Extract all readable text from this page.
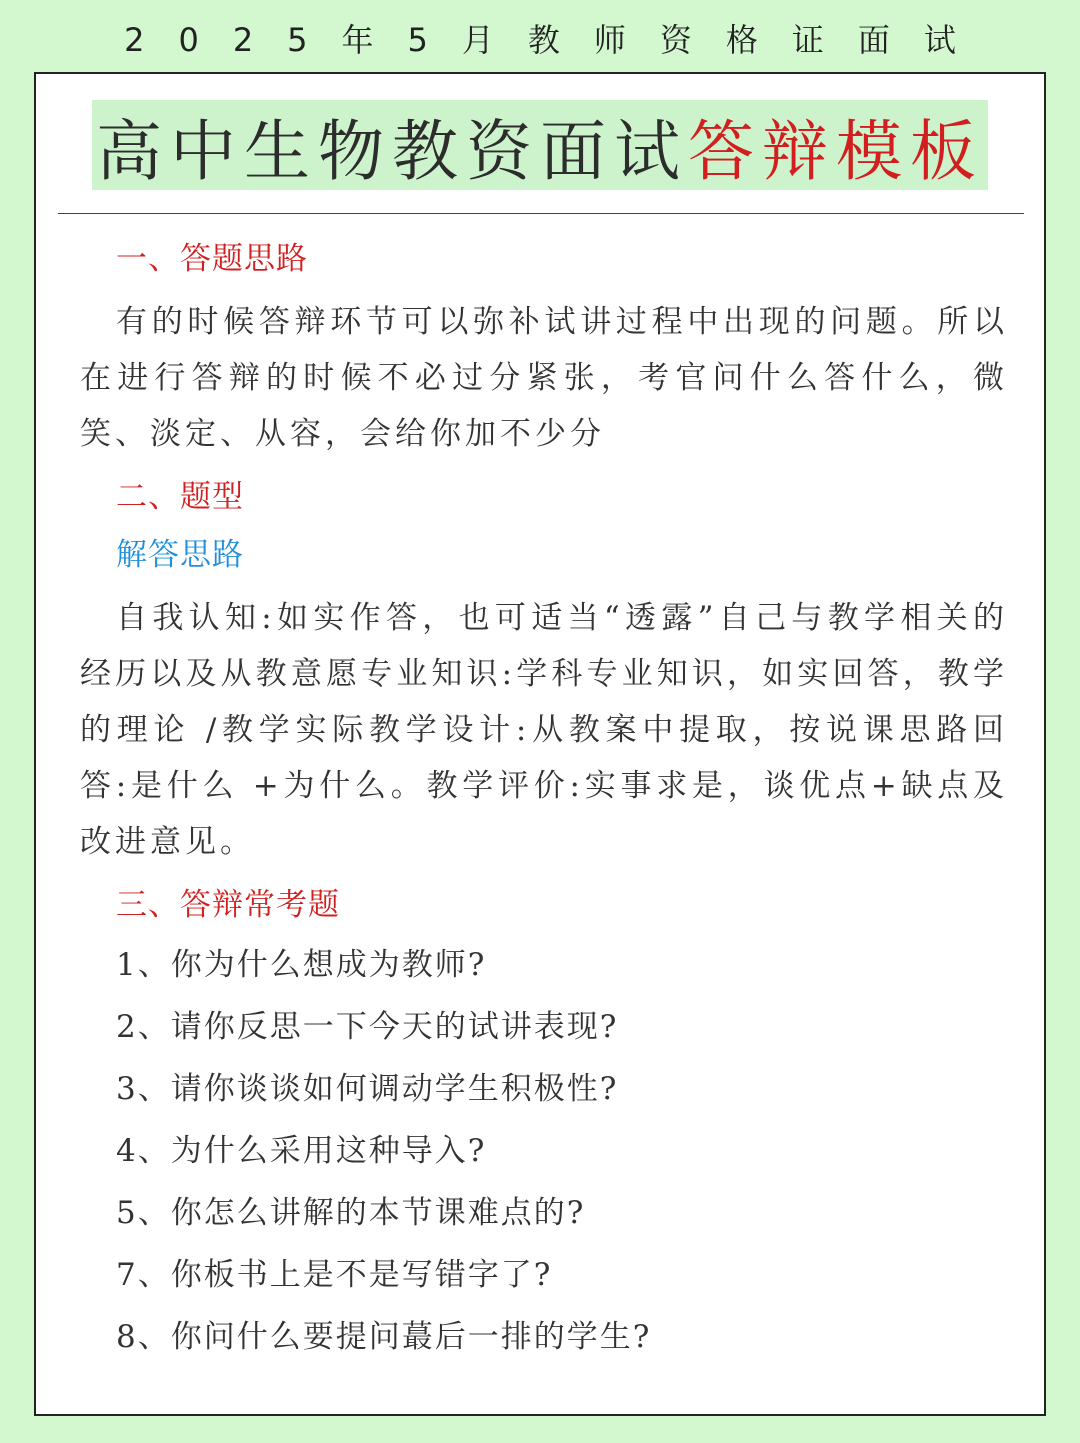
2025年5月教师资格证面试
高中生物教资面试 答辩模板
一、答题思路

有的时候答辩环节可以弥补试讲过程中出现的问题。所以在进行答辩的时候不必过分紧张，考官问什么答什么，微笑、淡定、从容，会给你加不少分

二、题型
解答思路

自我认知:如实作答，也可适当“透露”自己与教学相关的经历以及从教意愿专业知识:学科专业知识，如实回答，教学的理论 /教学实际教学设计:从教案中提取，按说课思路回答:是什么 +为什么。教学评价:实事求是，谈优点+缺点及改进意见。

三、答辩常考题
1、你为什么想成为教师?
2、请你反思一下今天的试讲表现?
3、请你谈谈如何调动学生积极性?
4、为什么采用这种导入?
5、你怎么讲解的本节课难点的?
7、你板书上是不是写错字了?
8、你问什么要提问蕞后一排的学生?
